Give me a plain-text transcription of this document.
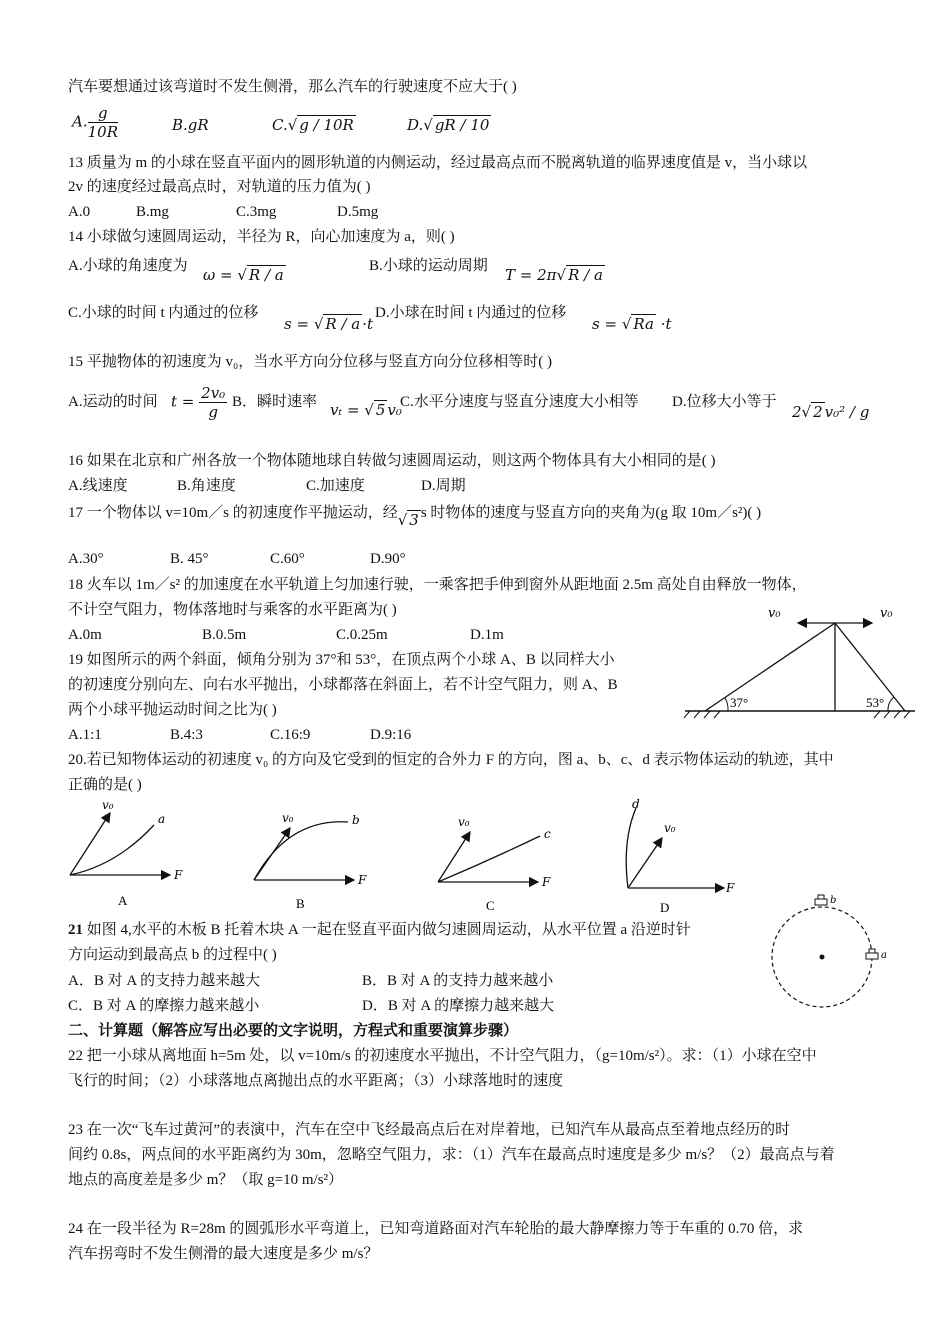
汽车要想通过该弯道时不发生侧滑，那么汽车的行驶速度不应大于( )
A. $\frac{g}{10R}$	B.gR	C.√ g / 10R	D.√ gR / 10
13 质量为 m 的小球在竖直平面内的圆形轨道的内侧运动，经过最高点而不脱离轨道的临界速度值是 v，当小球以
2v 的速度经过最高点时，对轨道的压力值为( )
A.0	B.mg	C.3mg	D.5mg
14 小球做匀速圆周运动，半径为 R，向心加速度为 a，则( )
A.小球的角速度为 ω = √ R / a	B.小球的运动周期 T = 2π√ R / a
C.小球的时间 t 内通过的位移
s = √ R / a ·t
D.小球在时间 t 内通过的位移
s = √ Ra ·t
15 平抛物体的初速度为 v₀，当水平方向分位移与竖直方向分位移相等时( )
A.运动的时间 $t = \frac{\text{2v₀}}{g}$ B．瞬时速率 vₜ = √ 5 v₀
C.水平分速度与竖直分速度大小相等 D.位移大小等于
2√ 2 v₀² / g
16 如果在北京和广州各放一个物体随地球自转做匀速圆周运动，则这两个物体具有大小相同的是( )
A.线速度	B.角速度	C.加速度	D.周期
17 一个物体以 v=10m／s 的初速度作平抛运动，经√ 3 s 时物体的速度与竖直方向的夹角为(g 取 10m／s²)( )
A.30°	B. 45°	C.60°	D.90°
18 火车以 1m／s² 的加速度在水平轨道上匀加速行驶，一乘客把手伸到窗外从距地面 2.5m 高处自由释放一物体，
不计空气阻力，物体落地时与乘客的水平距离为( )
A.0m	B.0.5m	C.0.25m	D.1m
19 如图所示的两个斜面，倾角分别为 37°和 53°，在顶点两个小球 A、B 以同样大小
的初速度分别向左、向右水平抛出，小球都落在斜面上，若不计空气阻力，则 A、B
两个小球平抛运动时间之比为( )
A.1:1	B.4:3	C.16:9	D.9:16
v₀	v₀
37°	53°
20.若已知物体运动的初速度 v₀ 的方向及它受到的恒定的合外力 F 的方向，图 a、b、c、d 表示物体运动的轨迹，其中
正确的是( )
v₀
a
F
A
v₀	b
F
B
v₀
c
F
C
d
v₀
F
D
21 如图 4,水平的木板 B 托着木块 A 一起在竖直平面内做匀速圆周运动，从水平位置 a 沿逆时针
方向运动到最高点 b 的过程中( )
A．B 对 A 的支持力越来越大	B．B 对 A 的支持力越来越小
C．B 对 A 的摩擦力越来越小	D．B 对 A 的摩擦力越来越大
b
a
二、计算题（解答应写出必要的文字说明，方程式和重要演算步骤）
22 把一小球从离地面 h=5m 处，以 v=10m/s 的初速度水平抛出，不计空气阻力，（g=10m/s²）。求：（1）小球在空中
飞行的时间；（2）小球落地点离抛出点的水平距离；（3）小球落地时的速度
23 在一次“飞车过黄河”的表演中，汽车在空中飞经最高点后在对岸着地，已知汽车从最高点至着地点经历的时
间约 0.8s，两点间的水平距离约为 30m，忽略空气阻力，求：（1）汽车在最高点时速度是多少 m/s？（2）最高点与着
地点的高度差是多少 m？（取 g=10 m/s²）
24 在一段半径为 R=28m 的圆弧形水平弯道上，已知弯道路面对汽车轮胎的最大静摩擦力等于车重的 0.70 倍，求
汽车拐弯时不发生侧滑的最大速度是多少 m/s？
